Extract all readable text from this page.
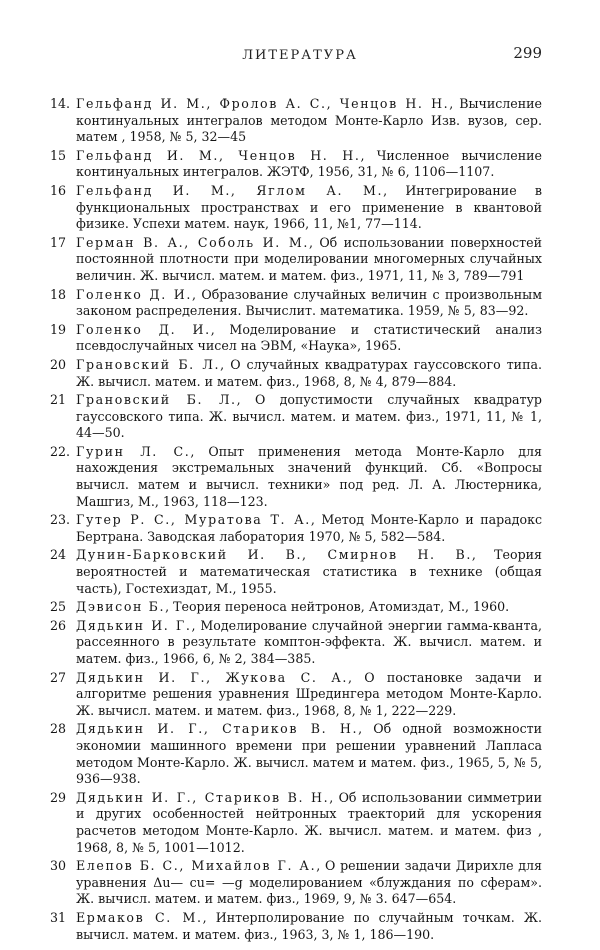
ЛИТЕРАТУРА	299
14. Гельфанд И. М., Фролов А. С., Ченцов Н. Н., Вычисление континуальных интегралов методом Монте-Карло Изв. вузов, сер. матем , 1958, № 5, 32—45
15 Гельфанд И. М., Ченцов Н. Н., Численное вычисление континуальных интегралов. ЖЭТФ, 1956, 31, № 6, 1106—1107.
16 Гельфанд И. М., Яглом А. М., Интегрирование в функциональных пространствах и его применение в квантовой физике. Успехи матем. наук, 1966, 11, №1, 77—114.
17 Герман В. А., Соболь И. М., Об использовании поверхностей постоянной плотности при моделировании многомерных случайных величин. Ж. вычисл. матем. и матем. физ., 1971, 11, № 3, 789—791
18 Голенко Д. И., Образование случайных величин с произвольным законом распределения. Вычислит. математика. 1959, № 5, 83—92.
19 Голенко Д. И., Моделирование и статистический анализ псевдослучайных чисел на ЭВМ, «Наука», 1965.
20 Грановский Б. Л., О случайных квадратурах гауссовского типа. Ж. вычисл. матем. и матем. физ., 1968, 8, № 4, 879—884.
21 Грановский Б. Л., О допустимости случайных квадратур гауссовского типа. Ж. вычисл. матем. и матем. физ., 1971, 11, № 1, 44—50.
22. Гурин Л. С., Опыт применения метода Монте-Карло для нахождения экстремальных значений функций. Сб. «Вопросы вычисл. матем и вычисл. техники» под ред. Л. А. Люстерника, Машгиз, М., 1963, 118—123.
23. Гутер Р. С., Муратова Т. А., Метод Монте-Карло и парадокс Бертрана. Заводская лаборатория 1970, № 5, 582—584.
24 Дунин-Барковский И. В., Смирнов Н. В., Теория вероятностей и математическая статистика в технике (общая часть), Гостехиздат, М., 1955.
25 Дэвисон Б., Теория переноса нейтронов, Атомиздат, М., 1960.
26 Дядькин И. Г., Моделирование случайной энергии гамма-кванта, рассеянного в результате комптон-эффекта. Ж. вычисл. матем. и матем. физ., 1966, 6, № 2, 384—385.
27 Дядькин И. Г., Жукова С. А., О постановке задачи и алгоритме решения уравнения Шредингера методом Монте-Карло. Ж. вычисл. матем. и матем. физ., 1968, 8, № 1, 222—229.
28 Дядькин И. Г., Стариков В. Н., Об одной возможности экономии машинного времени при решении уравнений Лапласа методом Монте-Карло. Ж. вычисл. матем и матем. физ., 1965, 5, № 5, 936—938.
29 Дядькин И. Г., Стариков В. Н., Об использовании симметрии и других особенностей нейтронных траекторий для ускорения расчетов методом Монте-Карло. Ж. вычисл. матем. и матем. физ , 1968, 8, № 5, 1001—1012.
30 Елепов Б. С., Михайлов Г. А., О решении задачи Дирихле для уравнения Δu— cu= —g моделированием «блуждания по сферам». Ж. вычисл. матем. и матем. физ., 1969, 9, № 3. 647—654.
31 Ермаков С. М., Интерполирование по случайным точкам. Ж. вычисл. матем. и матем. физ., 1963, 3, № 1, 186—190.
